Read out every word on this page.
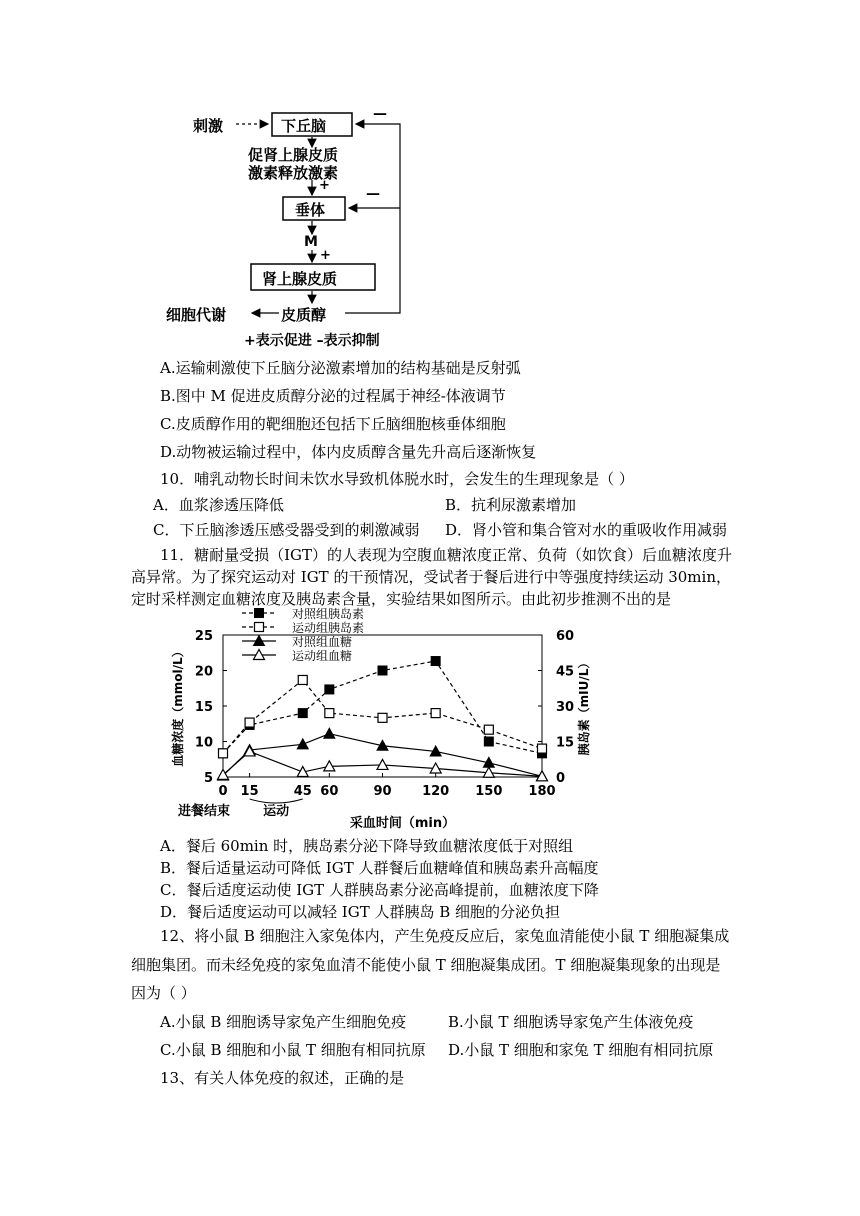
刺激	下丘脑
—
促肾上腺皮质
激素释放激素
+
—
垂体
M
+
肾上腺皮质
细胞代谢	皮质醇
+表示促进 –表示抑制
A.运输刺激使下丘脑分泌激素增加的结构基础是反射弧
B.图中 M 促进皮质醇分泌的过程属于神经-体液调节
C.皮质醇作用的靶细胞还包括下丘脑细胞核垂体细胞
D.动物被运输过程中，体内皮质醇含量先升高后逐渐恢复
10．哺乳动物长时间未饮水导致机体脱水时，会发生的生理现象是（ ）
A．血浆渗透压降低	B．抗利尿激素增加
C．下丘脑渗透压感受器受到的刺激减弱 D．肾小管和集合管对水的重吸收作用减弱
11．糖耐量受损（IGT）的人表现为空腹血糖浓度正常、负荷（如饮食）后血糖浓度升
高异常。为了探究运动对 IGT 的干预情况，受试者于餐后进行中等强度持续运动 30min，
定时采样测定血糖浓度及胰岛素含量，实验结果如图所示。由此初步推测不出的是
0 15	45 60	90 120 150 180
5
10
15
20
25
0
15
30
45
60
血糖浓度（mmol/L）	胰岛素（mIU/L）
采血时间（min）
进餐结束	运动
对照组胰岛素
运动组胰岛素
对照组血糖
运动组血糖
A．餐后 60min 时，胰岛素分泌下降导致血糖浓度低于对照组
B．餐后适量运动可降低 IGT 人群餐后血糖峰值和胰岛素升高幅度
C．餐后适度运动使 IGT 人群胰岛素分泌高峰提前，血糖浓度下降
D．餐后适度运动可以减轻 IGT 人群胰岛 B 细胞的分泌负担
12、将小鼠 B 细胞注入家兔体内，产生免疫反应后，家兔血清能使小鼠 T 细胞凝集成
细胞集团。而未经免疫的家兔血清不能使小鼠 T 细胞凝集成团。T 细胞凝集现象的出现是
因为（ ）
A.小鼠 B 细胞诱导家兔产生细胞免疫	B.小鼠 T 细胞诱导家兔产生体液免疫
C.小鼠 B 细胞和小鼠 T 细胞有相同抗原 D.小鼠 T 细胞和家兔 T 细胞有相同抗原
13、有关人体免疫的叙述，正确的是
